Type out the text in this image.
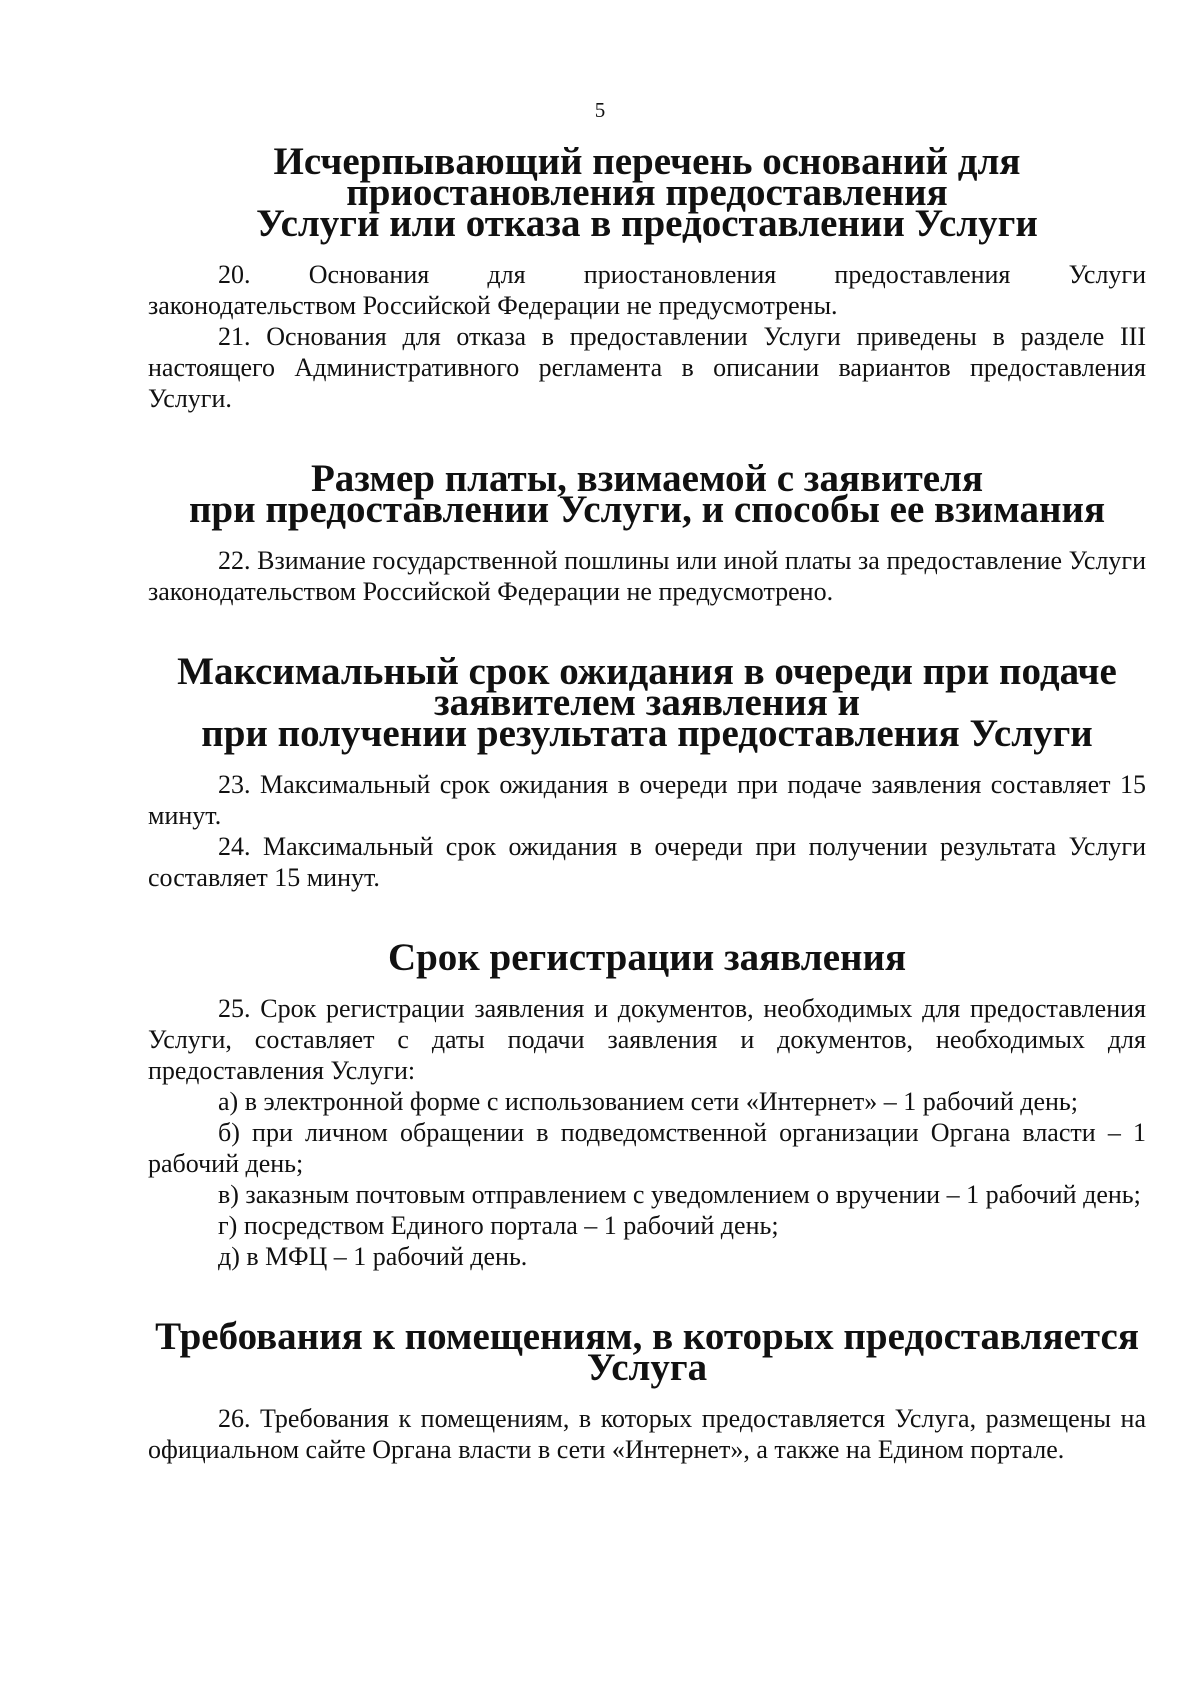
5
Исчерпывающий перечень оснований для приостановления предоставления
Услуги или отказа в предоставлении Услуги

20. Основания для приостановления предоставления Услуги

законодательством Российской Федерации не предусмотрены.

21. Основания для отказа в предоставлении Услуги приведены в разделе III настоящего Административного регламента в описании вариантов предоставления Услуги.

Размер платы, взимаемой с заявителя
при предоставлении Услуги, и способы ее взимания

22. Взимание государственной пошлины или иной платы за предоставление Услуги законодательством Российской Федерации не предусмотрено.

Максимальный срок ожидания в очереди при подаче заявителем заявления и
при получении результата предоставления Услуги

23. Максимальный срок ожидания в очереди при подаче заявления составляет 15 минут.

24. Максимальный срок ожидания в очереди при получении результата Услуги составляет 15 минут.

Срок регистрации заявления

25. Срок регистрации заявления и документов, необходимых для предоставления Услуги, составляет с даты подачи заявления и документов, необходимых для предоставления Услуги:

а) в электронной форме с использованием сети «Интернет» – 1 рабочий день;

б) при личном обращении в подведомственной организации Органа власти – 1 рабочий день;

в) заказным почтовым отправлением с уведомлением о вручении – 1 рабочий день;

г) посредством Единого портала – 1 рабочий день;

д) в МФЦ – 1 рабочий день.

Требования к помещениям, в которых предоставляется Услуга

26. Требования к помещениям, в которых предоставляется Услуга, размещены на официальном сайте Органа власти в сети «Интернет», а также на Едином портале.
